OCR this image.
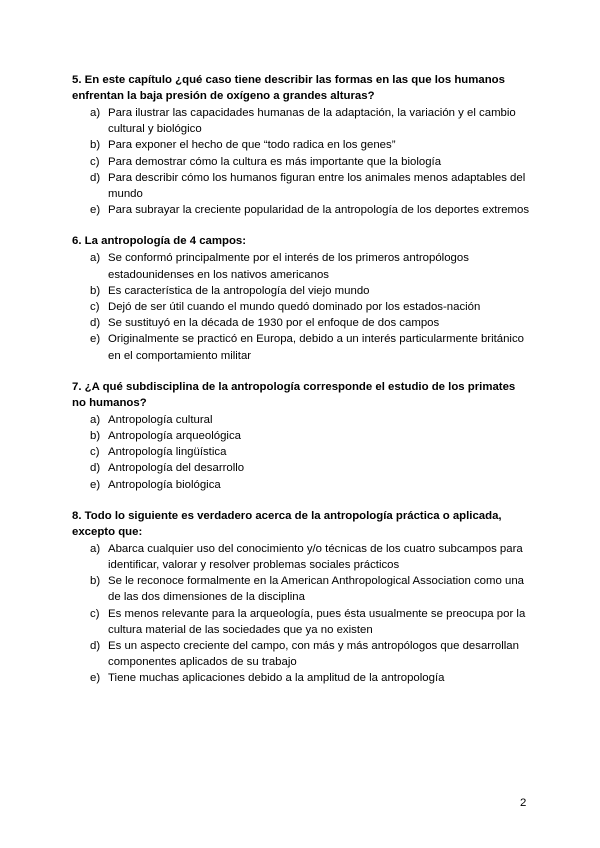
5. En este capítulo ¿qué caso tiene describir las formas en las que los humanos enfrentan la baja presión de oxígeno a grandes alturas?
a) Para ilustrar las capacidades humanas de la adaptación, la variación y el cambio cultural y biológico
b) Para exponer el hecho de que “todo radica en los genes”
c) Para demostrar cómo la cultura es más importante que la biología
d) Para describir cómo los humanos figuran entre los animales menos adaptables del mundo
e) Para subrayar la creciente popularidad de la antropología de los deportes extremos
6. La antropología de 4 campos:
a) Se conformó principalmente por el interés de los primeros antropólogos estadounidenses en los nativos americanos
b) Es característica de la antropología del viejo mundo
c) Dejó de ser útil cuando el mundo quedó dominado por los estados-nación
d) Se sustituyó en la década de 1930 por el enfoque de dos campos
e) Originalmente se practicó en Europa, debido a un interés particularmente británico en el comportamiento militar
7. ¿A qué subdisciplina de la antropología corresponde el estudio de los primates no humanos?
a) Antropología cultural
b) Antropología arqueológica
c) Antropología lingüística
d) Antropología del desarrollo
e) Antropología biológica
8. Todo lo siguiente es verdadero acerca de la antropología práctica o aplicada, excepto que:
a) Abarca cualquier uso del conocimiento y/o técnicas de los cuatro subcampos para identificar, valorar y resolver problemas sociales prácticos
b) Se le reconoce formalmente en la American Anthropological Association como una de las dos dimensiones de la disciplina
c) Es menos relevante para la arqueología, pues ésta usualmente se preocupa por la cultura material de las sociedades que ya no existen
d) Es un aspecto creciente del campo, con más y más antropólogos que desarrollan componentes aplicados de su trabajo
e) Tiene muchas aplicaciones debido a la amplitud de la antropología
2
